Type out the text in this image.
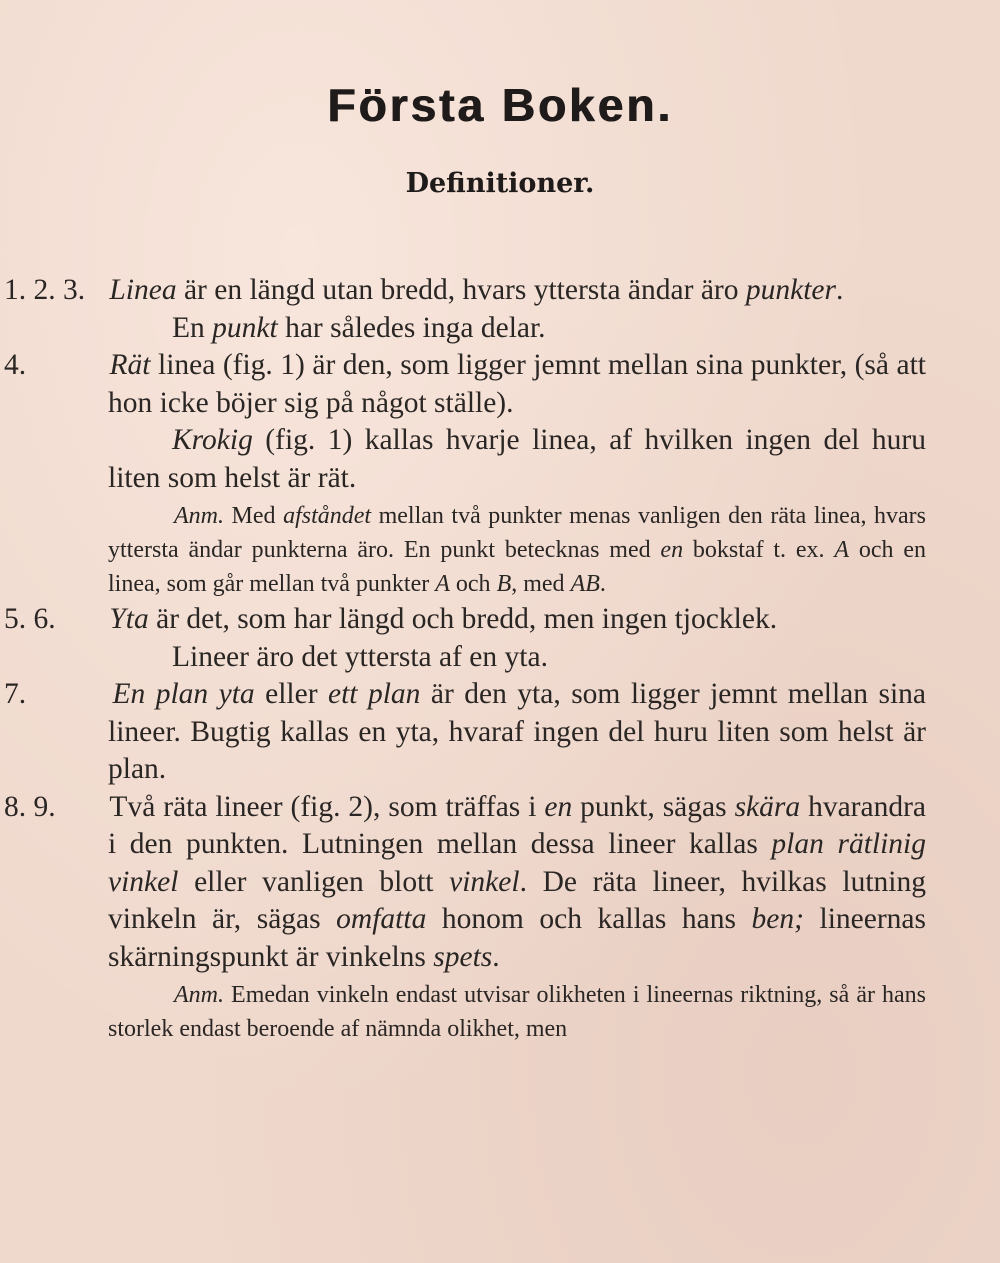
Första Boken.
Definitioner.

1. 2. 3. Linea är en längd utan bredd, hvars yttersta ändar äro punkter.

En punkt har således inga delar.

4.	Rät linea (fig. 1) är den, som ligger jemnt mellan sina punkter, (så att hon icke böjer sig på något ställe).

Krokig (fig. 1) kallas hvarje linea, af hvilken ingen del huru liten som helst är rät.

Anm. Med afståndet mellan två punkter menas vanligen den räta linea, hvars yttersta ändar punkterna äro. En punkt betecknas med en bokstaf t. ex. A och en linea, som går mellan två punkter A och B, med AB.

5. 6. Yta är det, som har längd och bredd, men ingen tjocklek.

Lineer äro det yttersta af en yta.

7.	En plan yta eller ett plan är den yta, som ligger jemnt mellan sina lineer. Bugtig kallas en yta, hvaraf ingen del huru liten som helst är plan.

8. 9. Två räta lineer (fig. 2), som träffas i en punkt, sägas skära hvarandra i den punkten. Lutningen mellan dessa lineer kallas plan rätlinig vinkel eller vanligen blott vinkel. De räta lineer, hvilkas lutning vinkeln är, sägas omfatta honom och kallas hans ben; lineernas skärningspunkt är vinkelns spets.

Anm. Emedan vinkeln endast utvisar olikheten i lineernas riktning, så är hans storlek endast beroende af nämnda olikhet, men
